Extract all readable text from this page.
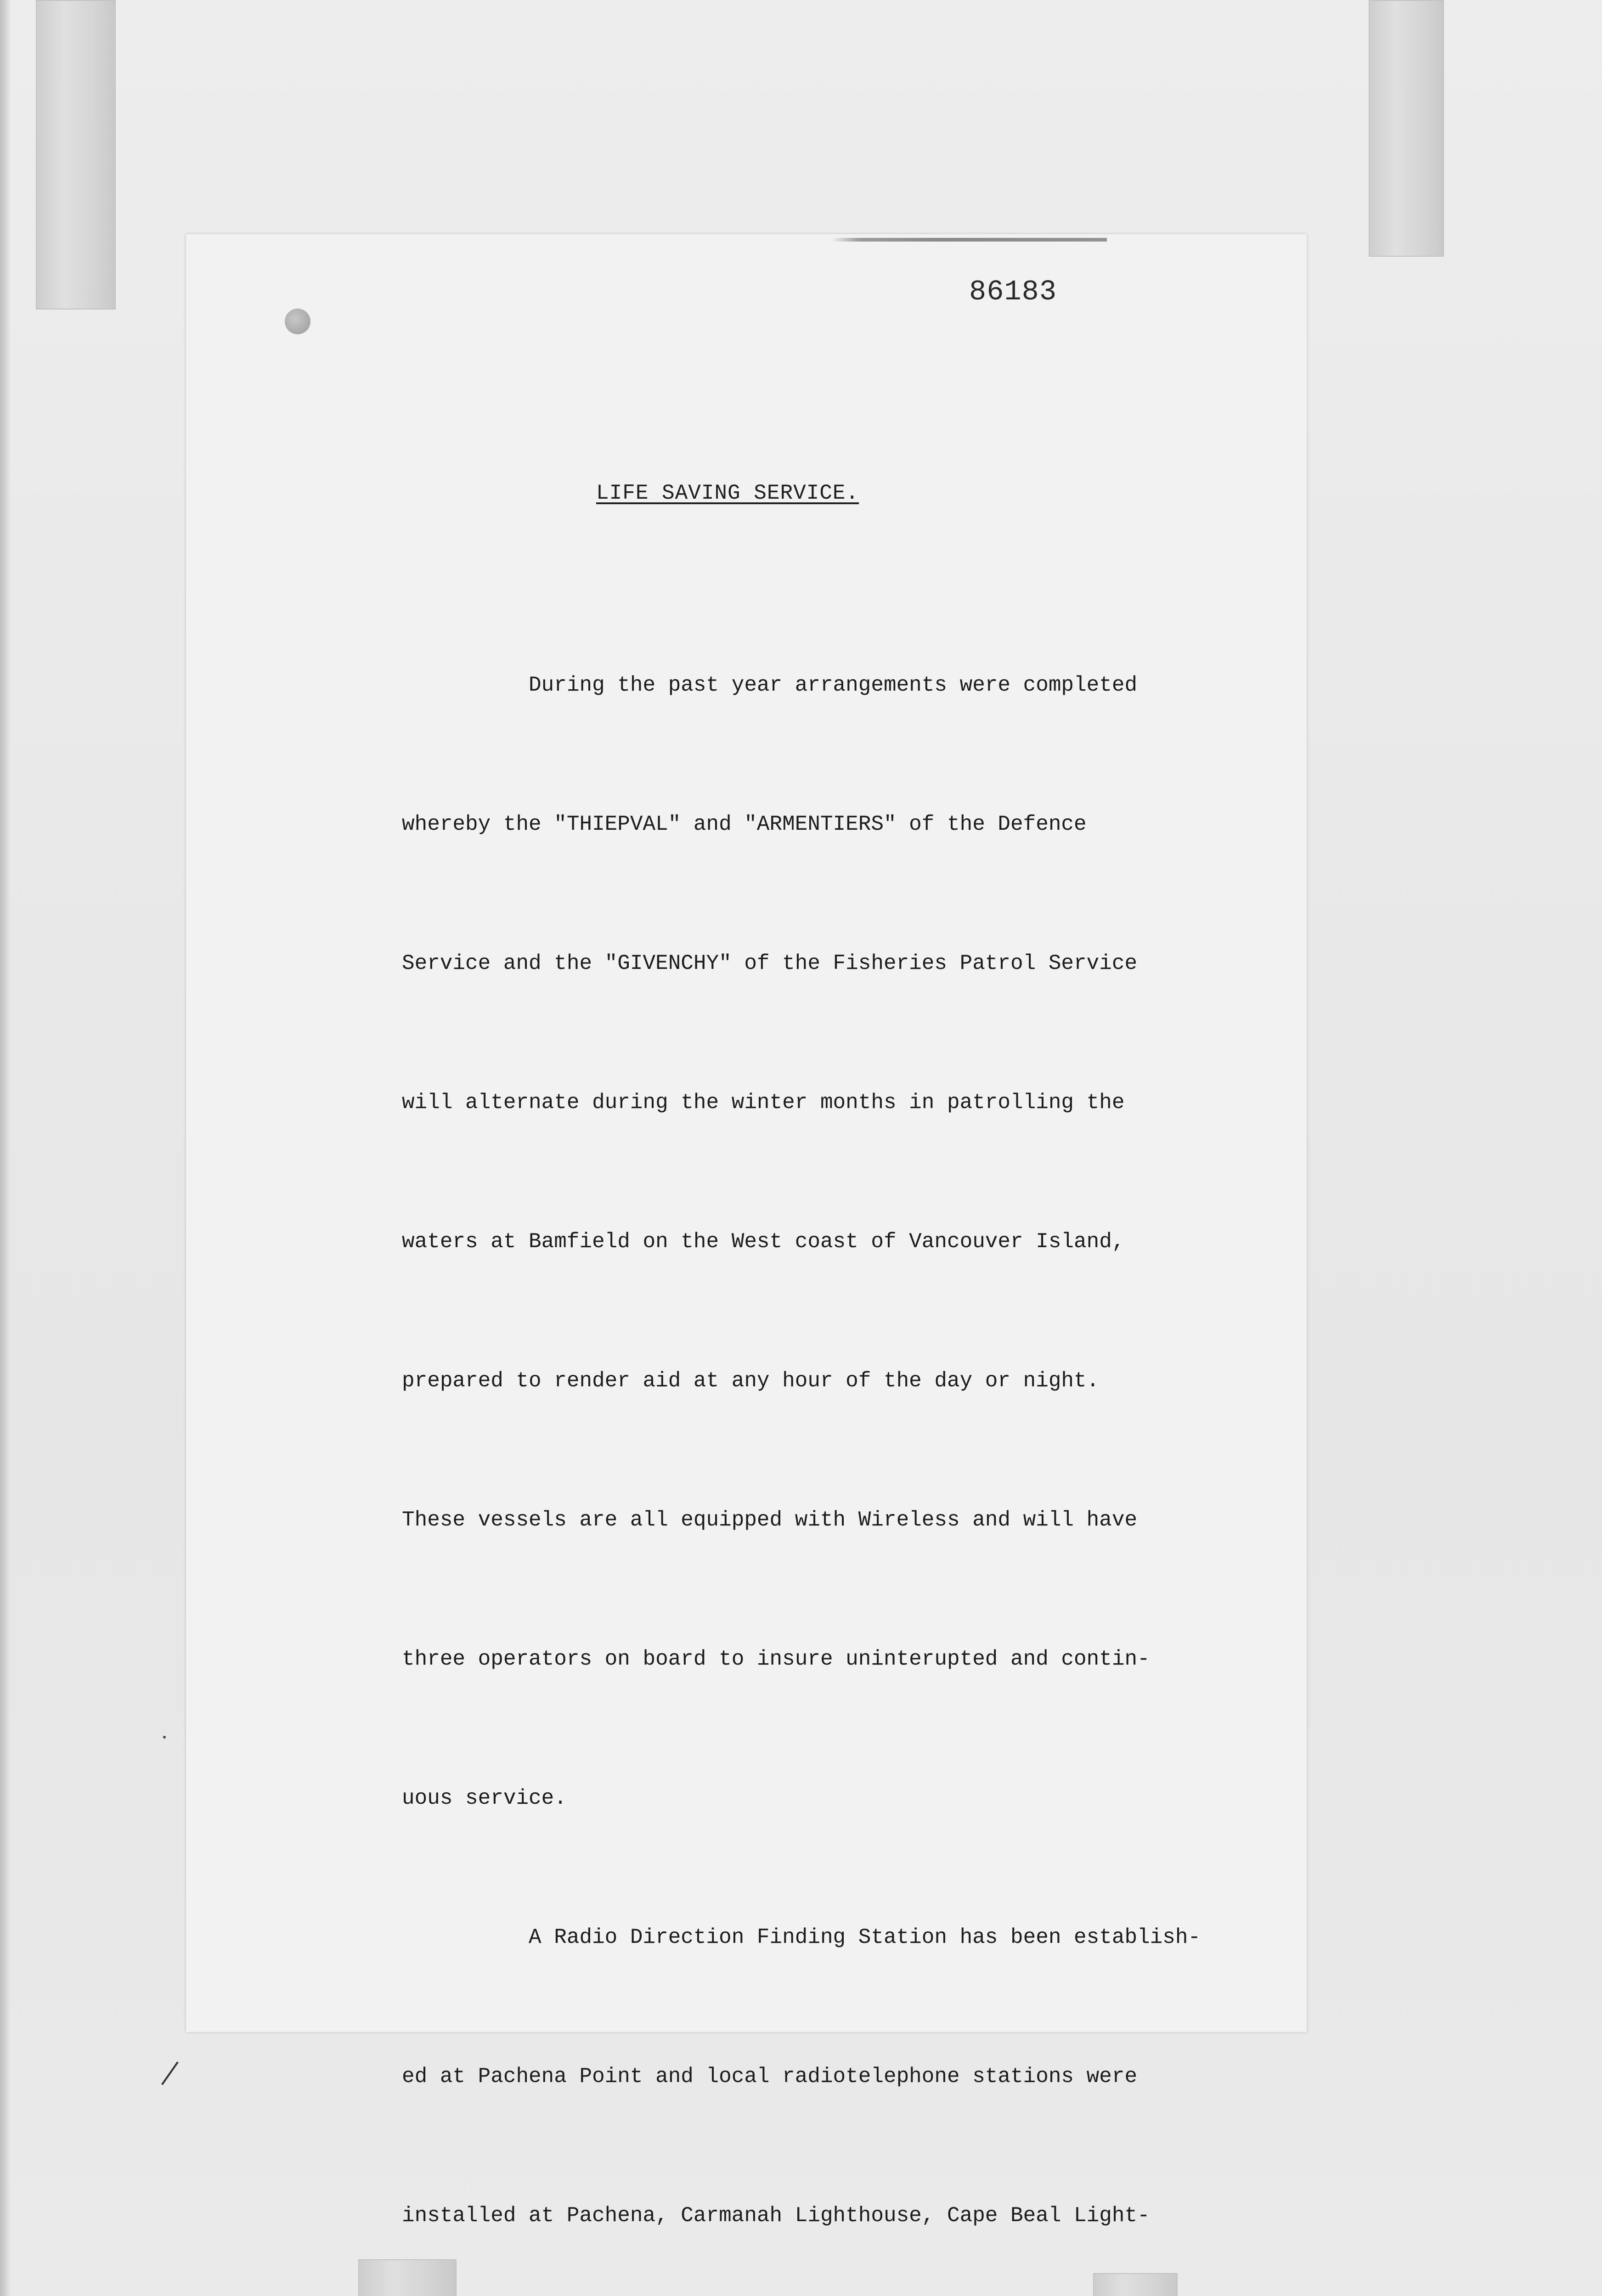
86183
LIFE SAVING SERVICE.

During the past year arrangements were completed

whereby the "THIEPVAL" and "ARMENTIERS" of the Defence

Service and the "GIVENCHY" of the Fisheries Patrol Service

will alternate during the winter months in patrolling the

waters at Bamfield on the West coast of Vancouver Island,

prepared to render aid at any hour of the day or night.

These vessels are all equipped with Wireless and will have

three operators on board to insure uninterupted and contin-

uous service.

A Radio Direction Finding Station has been establish-

ed at Pachena Point and local radiotelephone stations were

installed at Pachena, Carmanah Lighthouse, Cape Beal Light-
